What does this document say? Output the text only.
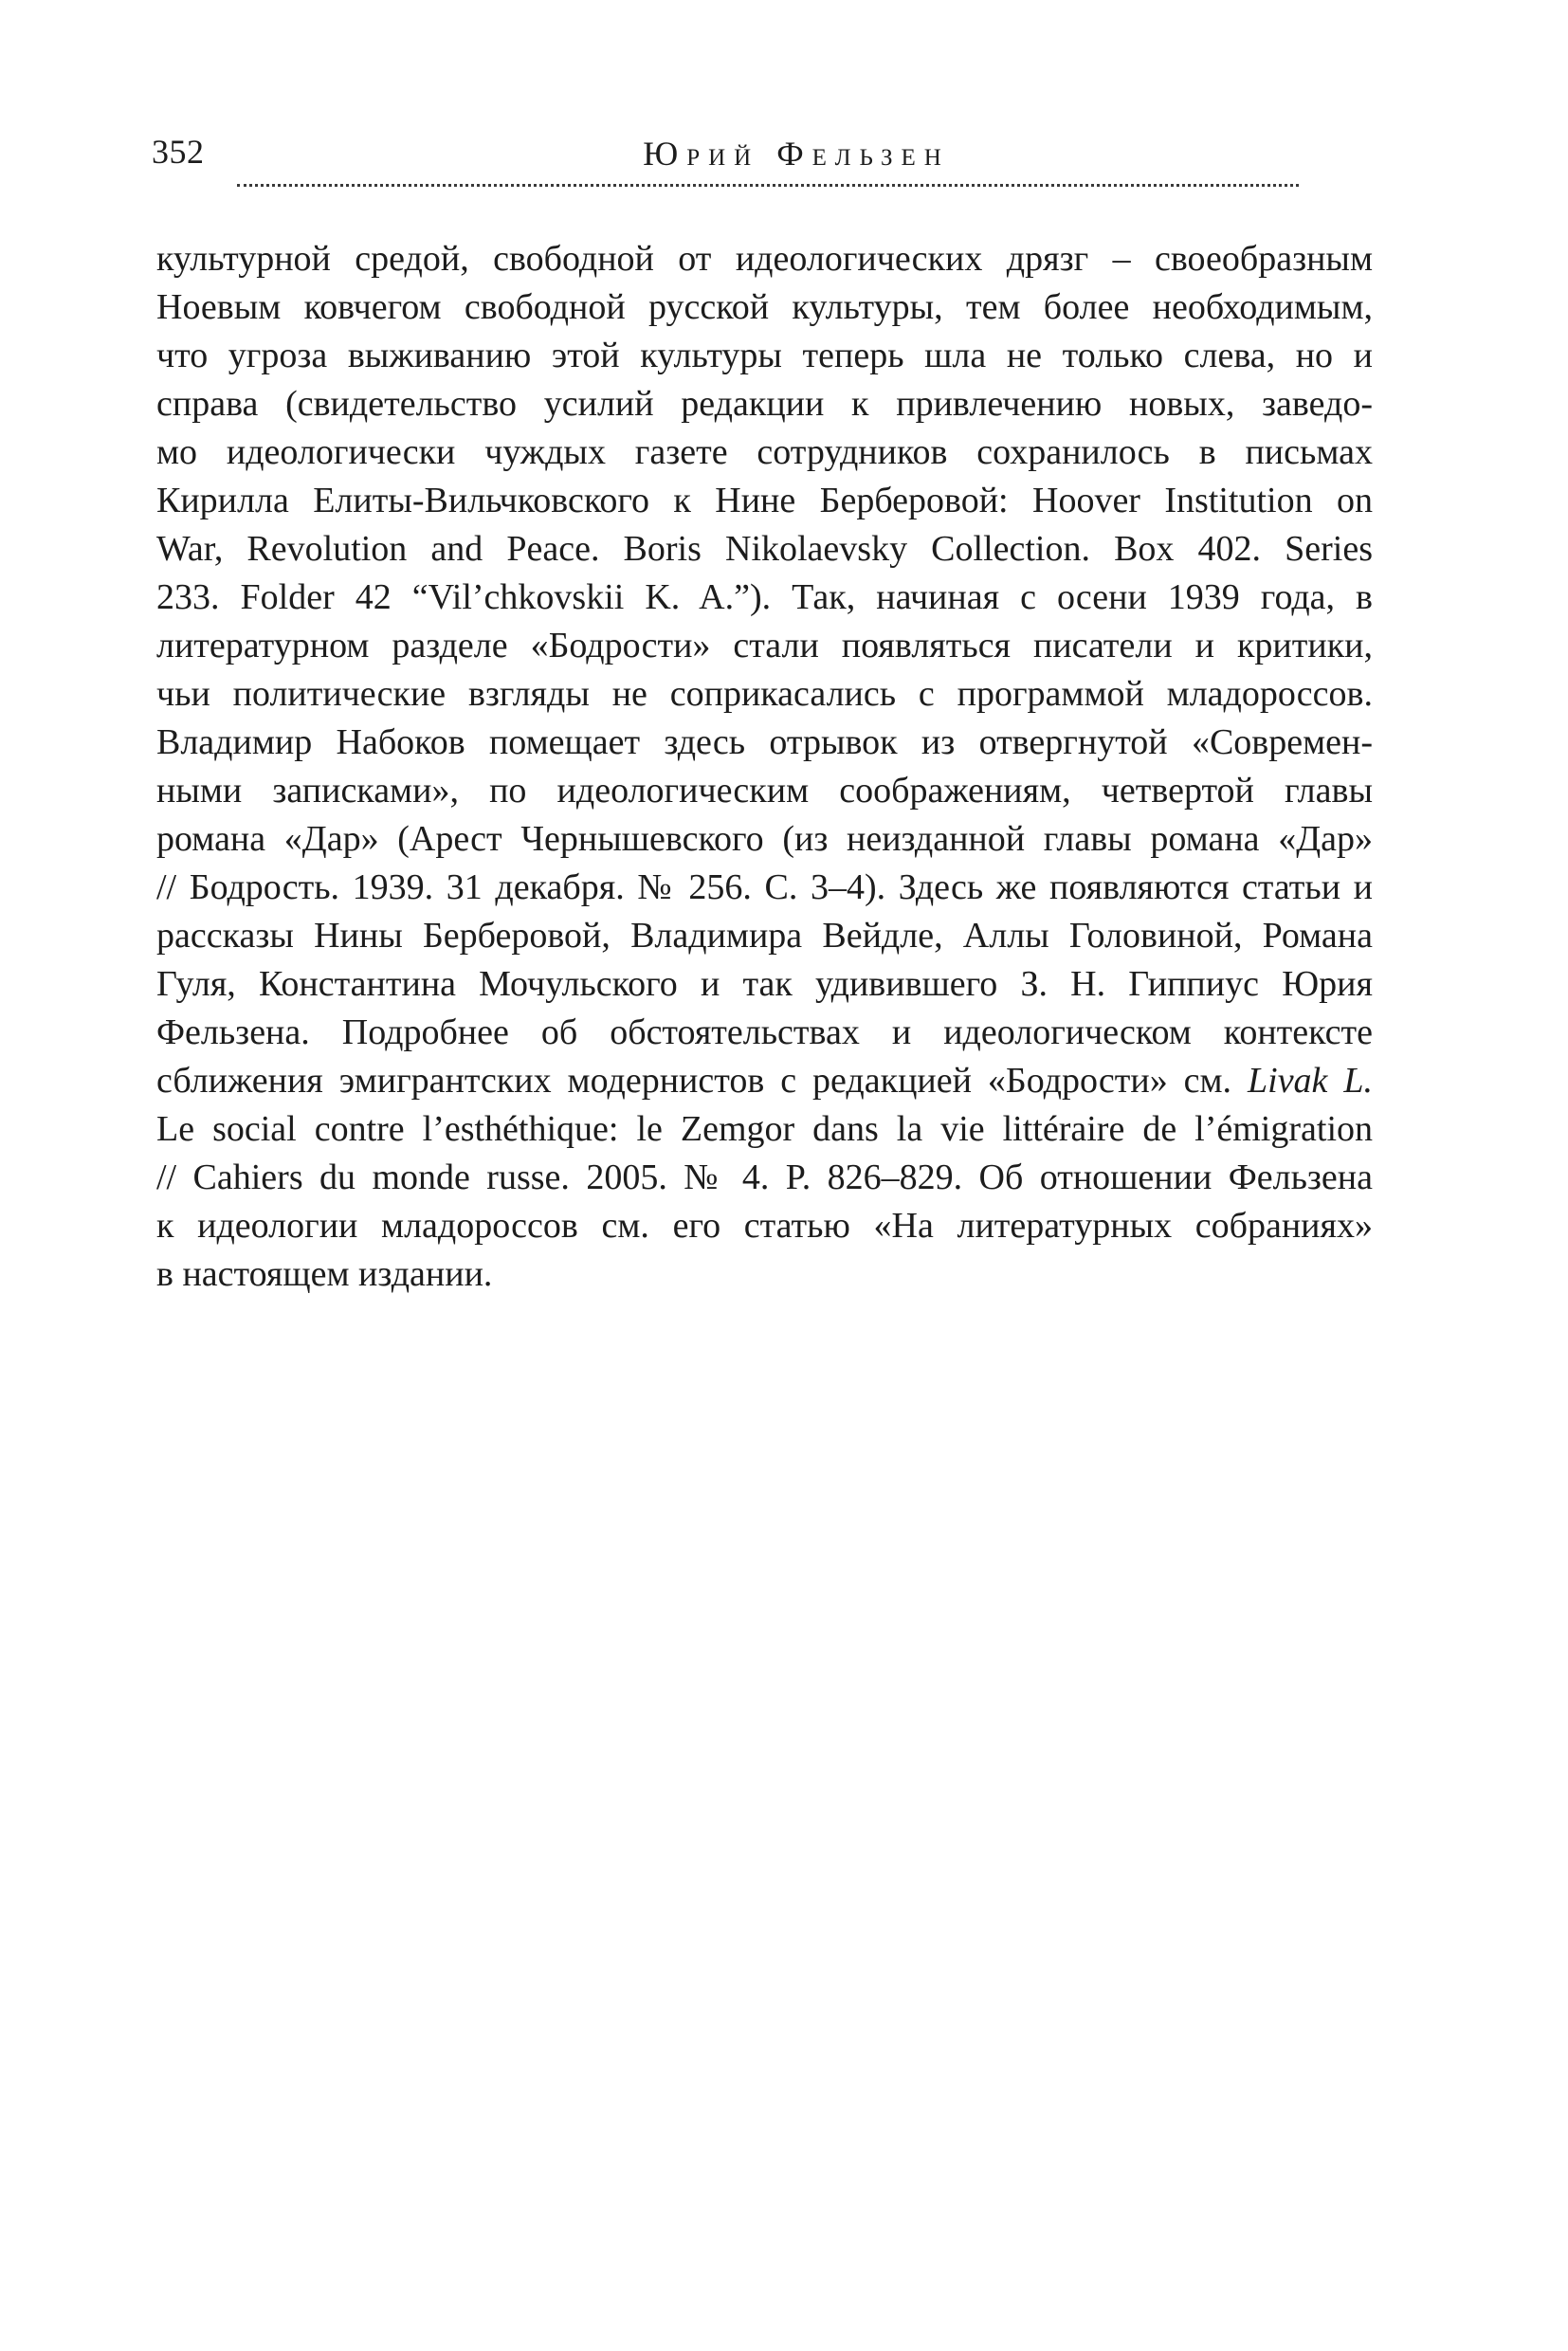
352	Юрий Фельзен
культурной средой, свободной от идеологических дрязг – своеобразным
Ноевым ковчегом свободной русской культуры, тем более необходимым,
что угроза выживанию этой культуры теперь шла не только слева, но и
справа (свидетельство усилий редакции к привлечению новых, заведо-
мо идеологически чуждых газете сотрудников сохранилось в письмах
Кирилла Елиты-Вильчковского к Нине Берберовой: Hoover Institution on
War, Revolution and Peace. Boris Nikolaevsky Collection. Box 402. Series
233. Folder 42 “Vil’chkovskii K. A.”). Так, начиная с осени 1939 года, в
литературном разделе «Бодрости» стали появляться писатели и критики,
чьи политические взгляды не соприкасались с программой младороссов.
Владимир Набоков помещает здесь отрывок из отвергнутой «Современ-
ными записками», по идеологическим соображениям, четвертой главы
романа «Дар» (Арест Чернышевского (из неизданной главы романа «Дар»
// Бодрость. 1939. 31 декабря. № 256. С. 3–4). Здесь же появляются статьи и
рассказы Нины Берберовой, Владимира Вейдле, Аллы Головиной, Романа
Гуля, Константина Мочульского и так удивившего З. Н. Гиппиус Юрия
Фельзена. Подробнее об обстоятельствах и идеологическом контексте
сближения эмигрантских модернистов с редакцией «Бодрости» см. Livak L.
Le social contre l’esthéthique: le Zemgor dans la vie littéraire de l’émigration
// Cahiers du monde russe. 2005. № 4. P. 826–829. Об отношении Фельзена
к идеологии младороссов см. его статью «На литературных собраниях»
в настоящем издании.
